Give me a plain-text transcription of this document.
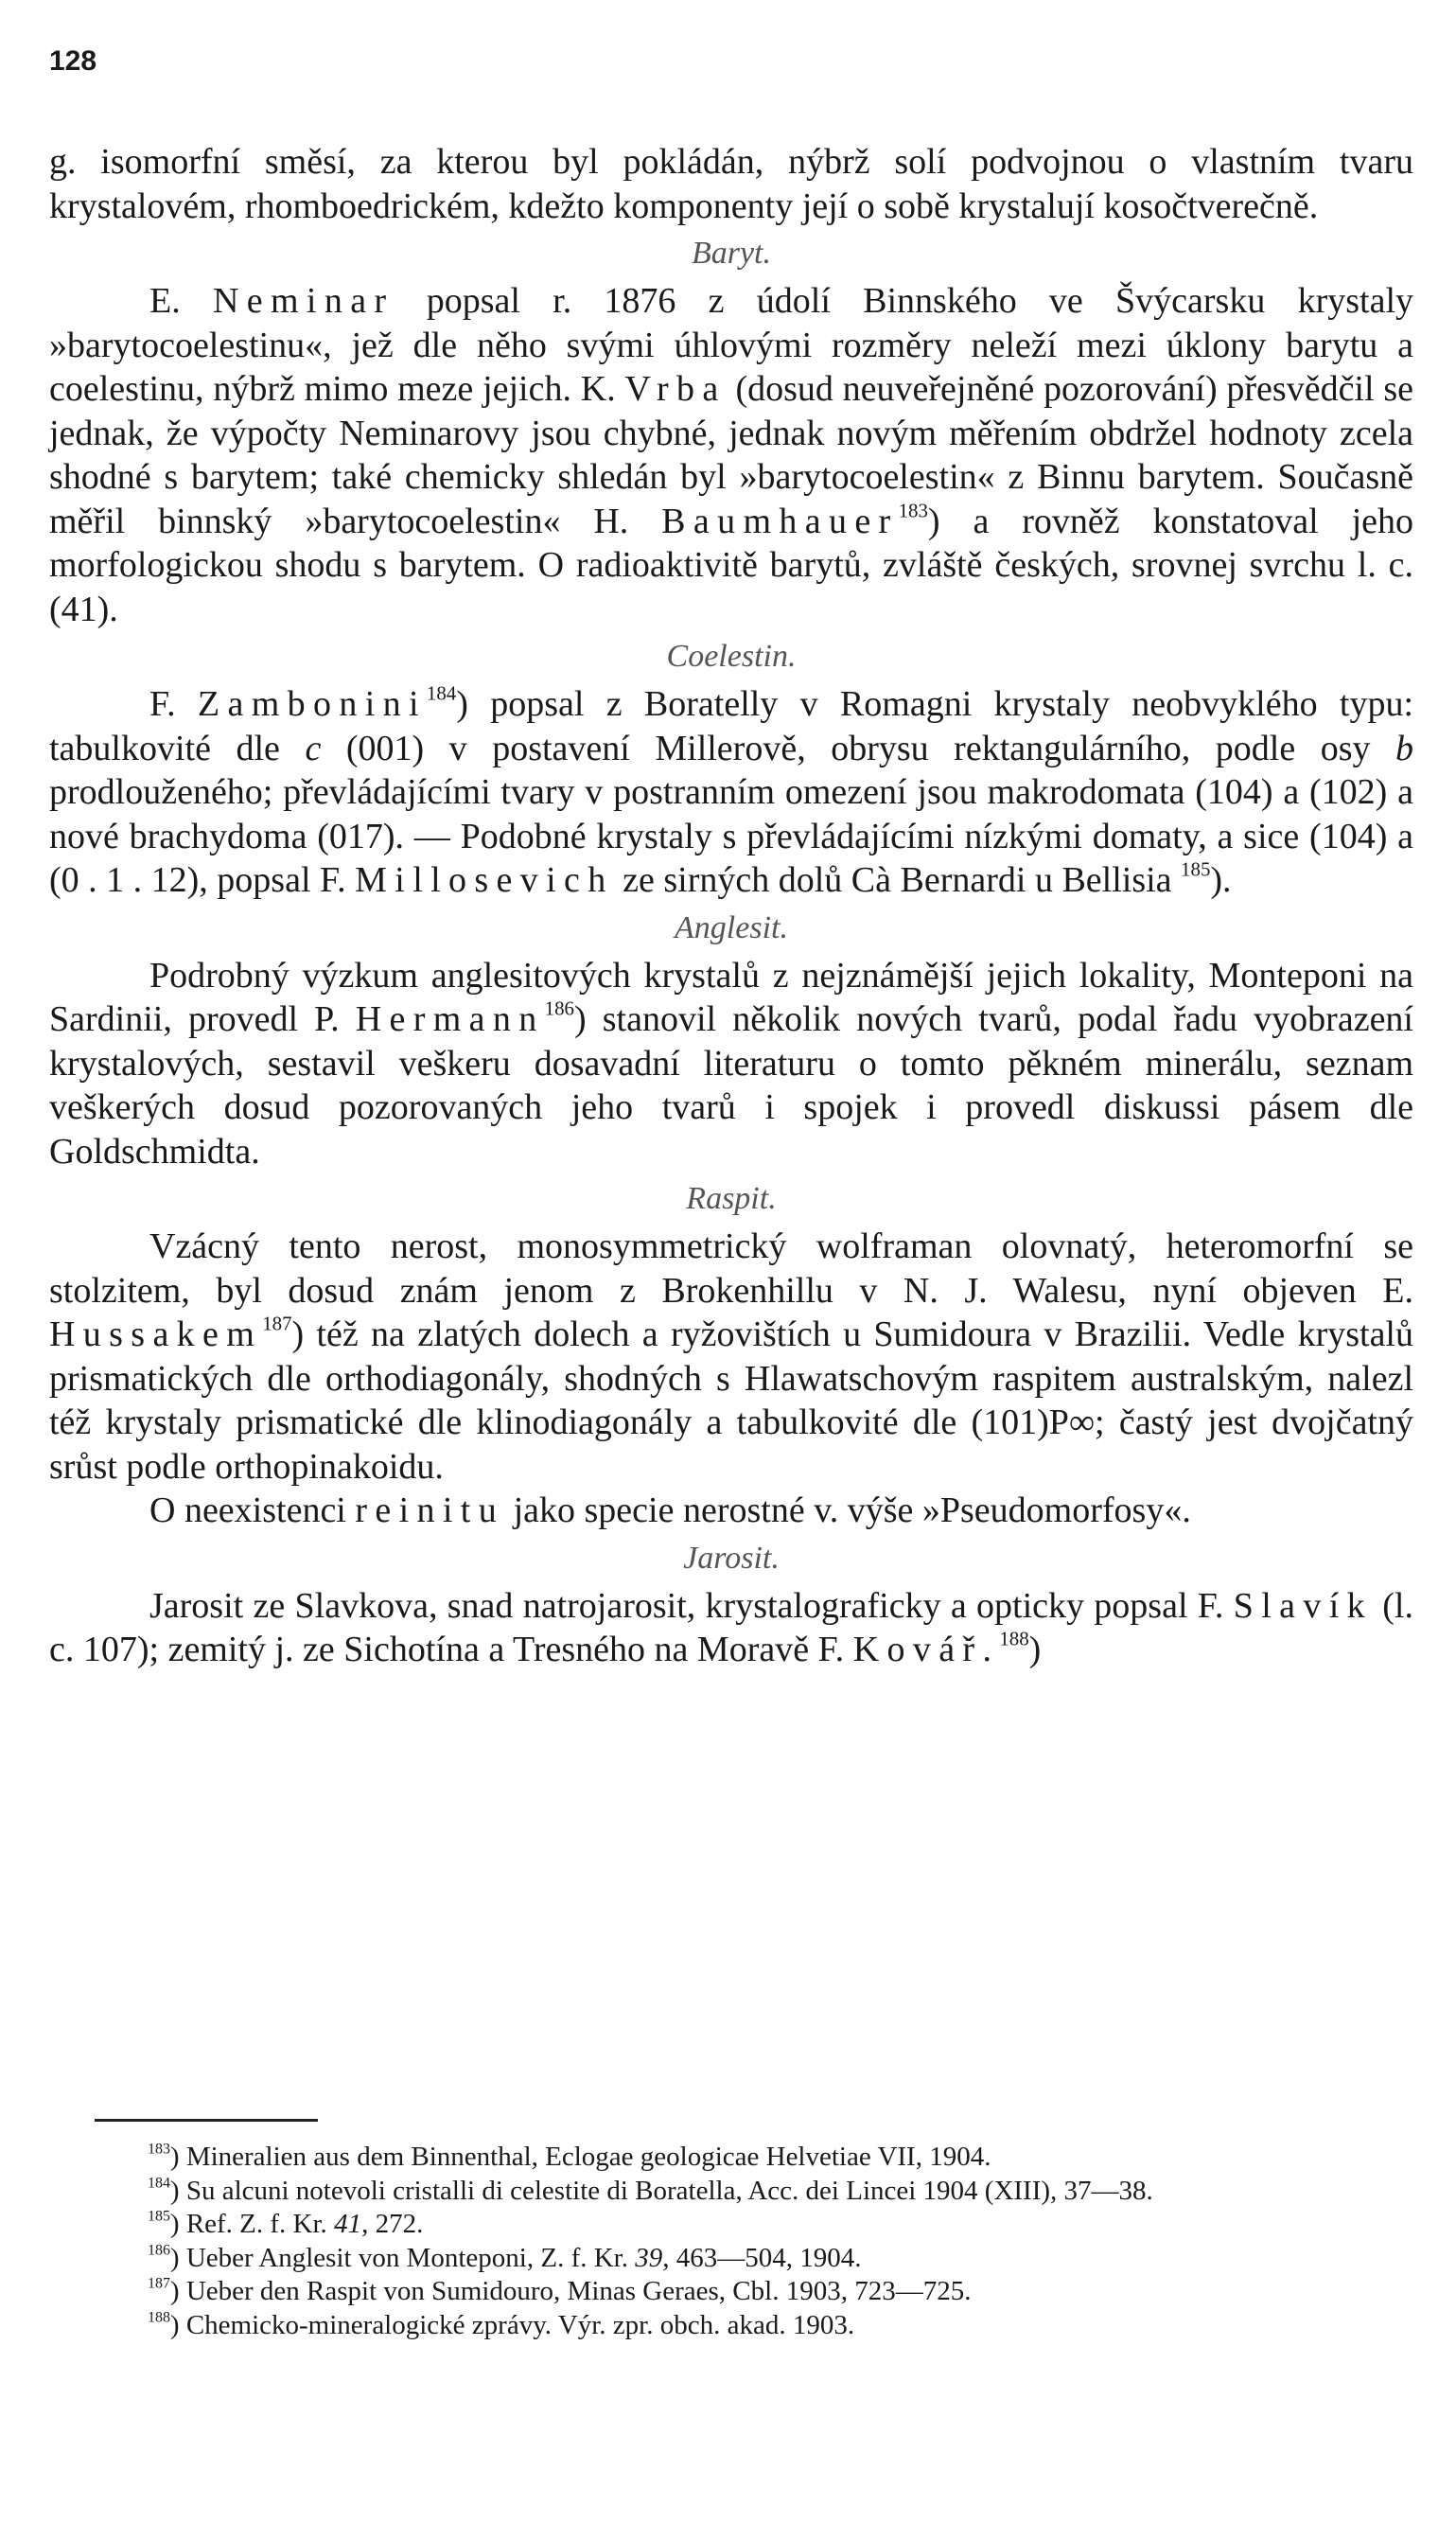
128

g. isomorfní směsí, za kterou byl pokládán, nýbrž solí podvojnou o vlastním tvaru krystalovém, rhomboedrickém, kdežto komponenty její o sobě krystalují kosočtverečně.

Baryt.

E. Neminar popsal r. 1876 z údolí Binnského ve Švýcarsku krystaly »barytocoelestinu«, jež dle něho svými úhlovými rozměry neleží mezi úklony barytu a coelestinu, nýbrž mimo meze jejich. K. Vrba (dosud neuveřejněné pozorování) přesvědčil se jednak, že výpočty Neminarovy jsou chybné, jednak novým měřením obdržel hodnoty zcela shodné s barytem; také chemicky shledán byl »barytocoelestin« z Binnu barytem. Současně měřil binnský »barytocoelestin« H. Baumhauer$^{183}$) a rovněž konstatoval jeho morfologickou shodu s barytem. O radioaktivitě barytů, zvláště českých, srovnej svrchu l. c. (41).

Coelestin.

F. Zambonini$^{184}$) popsal z Boratelly v Romagni krystaly neobvyklého typu: tabulkovité dle c (001) v postavení Millerově, obrysu rektangulárního, podle osy b prodlouženého; převládajícími tvary v postranním omezení jsou makrodomata (104) a (102) a nové brachydoma (017). — Podobné krystaly s převládajícími nízkými domaty, a sice (104) a (0 . 1 . 12), popsal F. Millosevich ze sirných dolů Cà Bernardi u Bellisia $^{185}$).

Anglesit.

Podrobný výzkum anglesitových krystalů z nejznámější jejich lokality, Monteponi na Sardinii, provedl P. Hermann$^{186}$) stanovil několik nových tvarů, podal řadu vyobrazení krystalových, sestavil veškeru dosavadní literaturu o tomto pěkném minerálu, seznam veškerých dosud pozorovaných jeho tvarů i spojek i provedl diskussi pásem dle Goldschmidta.

Raspit.

Vzácný tento nerost, monosymmetrický wolframan olovnatý, heteromorfní se stolzitem, byl dosud znám jenom z Brokenhillu v N. J. Walesu, nyní objeven E. Hussakem$^{187}$) též na zlatých dolech a ryžovištích u Sumidoura v Brazilii. Vedle krystalů prismatických dle orthodiagonály, shodných s Hlawatschovým raspitem australským, nalezl též krystaly prismatické dle klinodiagonály a tabulkovité dle (101)P∞; častý jest dvojčatný srůst podle orthopinakoidu.

O neexistenci reinitu jako specie nerostné v. výše »Pseudomorfosy«.

Jarosit.

Jarosit ze Slavkova, snad natrojarosit, krystalograficky a opticky popsal F. Slavík (l. c. 107); zemitý j. ze Sichotína a Tresného na Moravě F. Kovář.$^{188}$)

$^{183}$) Mineralien aus dem Binnenthal, Eclogae geologicae Helvetiae VII, 1904.

$^{184}$) Su alcuni notevoli cristalli di celestite di Boratella, Acc. dei Lincei 1904 (XIII), 37—38.

$^{185}$) Ref. Z. f. Kr. 41, 272.

$^{186}$) Ueber Anglesit von Monteponi, Z. f. Kr. 39, 463—504, 1904.

$^{187}$) Ueber den Raspit von Sumidouro, Minas Geraes, Cbl. 1903, 723—725.

$^{188}$) Chemicko-mineralogické zprávy. Výr. zpr. obch. akad. 1903.
